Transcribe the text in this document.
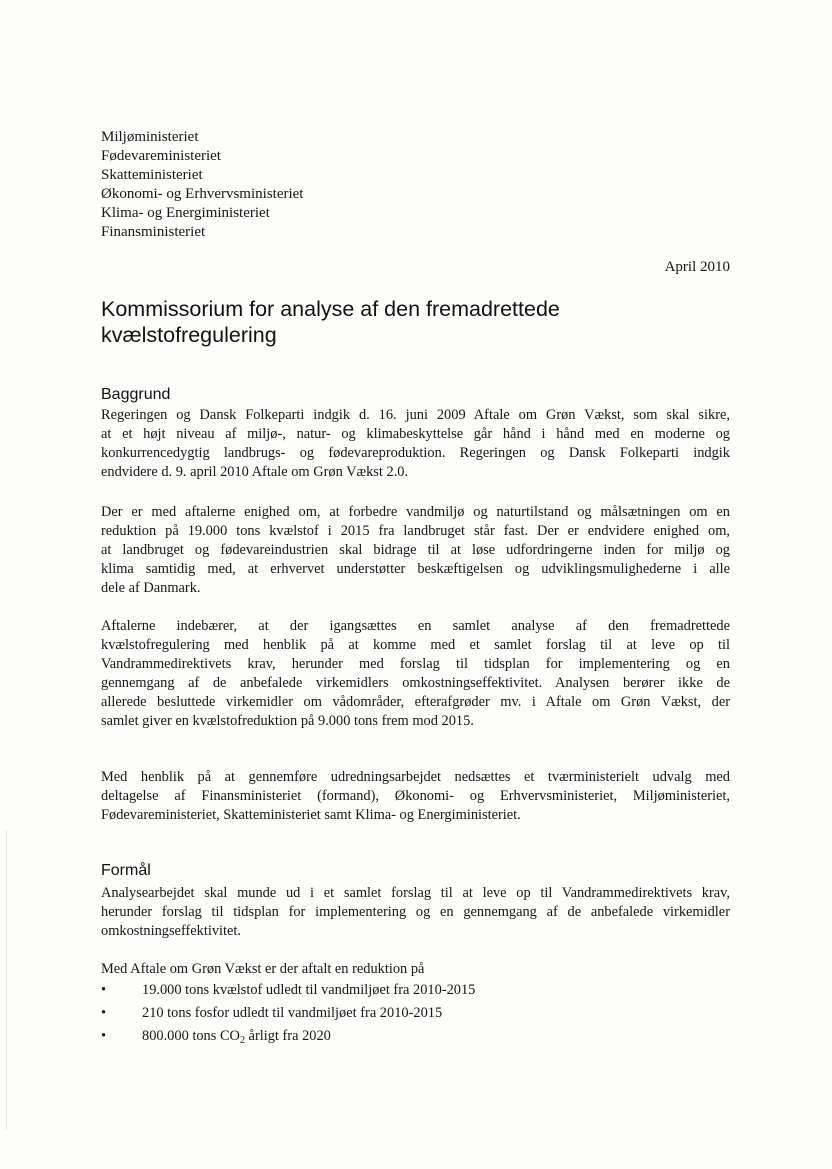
Miljøministeriet
Fødevareministeriet
Skatteministeriet
Økonomi- og Erhvervsministeriet
Klima- og Energiministeriet
Finansministeriet
April 2010
Kommissorium for analyse af den fremadrettede
kvælstofregulering
Baggrund
Regeringen og Dansk Folkeparti indgik d. 16. juni 2009 Aftale om Grøn Vækst, som skal sikre,
at et højt niveau af miljø-, natur- og klimabeskyttelse går hånd i hånd med en moderne og
konkurrencedygtig landbrugs- og fødevareproduktion. Regeringen og Dansk Folkeparti indgik
endvidere d. 9. april 2010 Aftale om Grøn Vækst 2.0.
Der er med aftalerne enighed om, at forbedre vandmiljø og naturtilstand og målsætningen om en
reduktion på 19.000 tons kvælstof i 2015 fra landbruget står fast. Der er endvidere enighed om,
at landbruget og fødevareindustrien skal bidrage til at løse udfordringerne inden for miljø og
klima samtidig med, at erhvervet understøtter beskæftigelsen og udviklingsmulighederne i alle
dele af Danmark.
Aftalerne indebærer, at der igangsættes en samlet analyse af den fremadrettede
kvælstofregulering med henblik på at komme med et samlet forslag til at leve op til
Vandrammedirektivets krav, herunder med forslag til tidsplan for implementering og en
gennemgang af de anbefalede virkemidlers omkostningseffektivitet. Analysen berører ikke de
allerede besluttede virkemidler om vådområder, efterafgrøder mv. i Aftale om Grøn Vækst, der
samlet giver en kvælstofreduktion på 9.000 tons frem mod 2015.
Med henblik på at gennemføre udredningsarbejdet nedsættes et tværministerielt udvalg med
deltagelse af Finansministeriet (formand), Økonomi- og Erhvervsministeriet, Miljøministeriet,
Fødevareministeriet, Skatteministeriet samt Klima- og Energiministeriet.
Formål
Analysearbejdet skal munde ud i et samlet forslag til at leve op til Vandrammedirektivets krav,
herunder forslag til tidsplan for implementering og en gennemgang af de anbefalede virkemidler
omkostningseffektivitet.
Med Aftale om Grøn Vækst er der aftalt en reduktion på
• 19.000 tons kvælstof udledt til vandmiljøet fra 2010-2015
• 210 tons fosfor udledt til vandmiljøet fra 2010-2015
• 800.000 tons $CO_2$ årligt fra 2020
